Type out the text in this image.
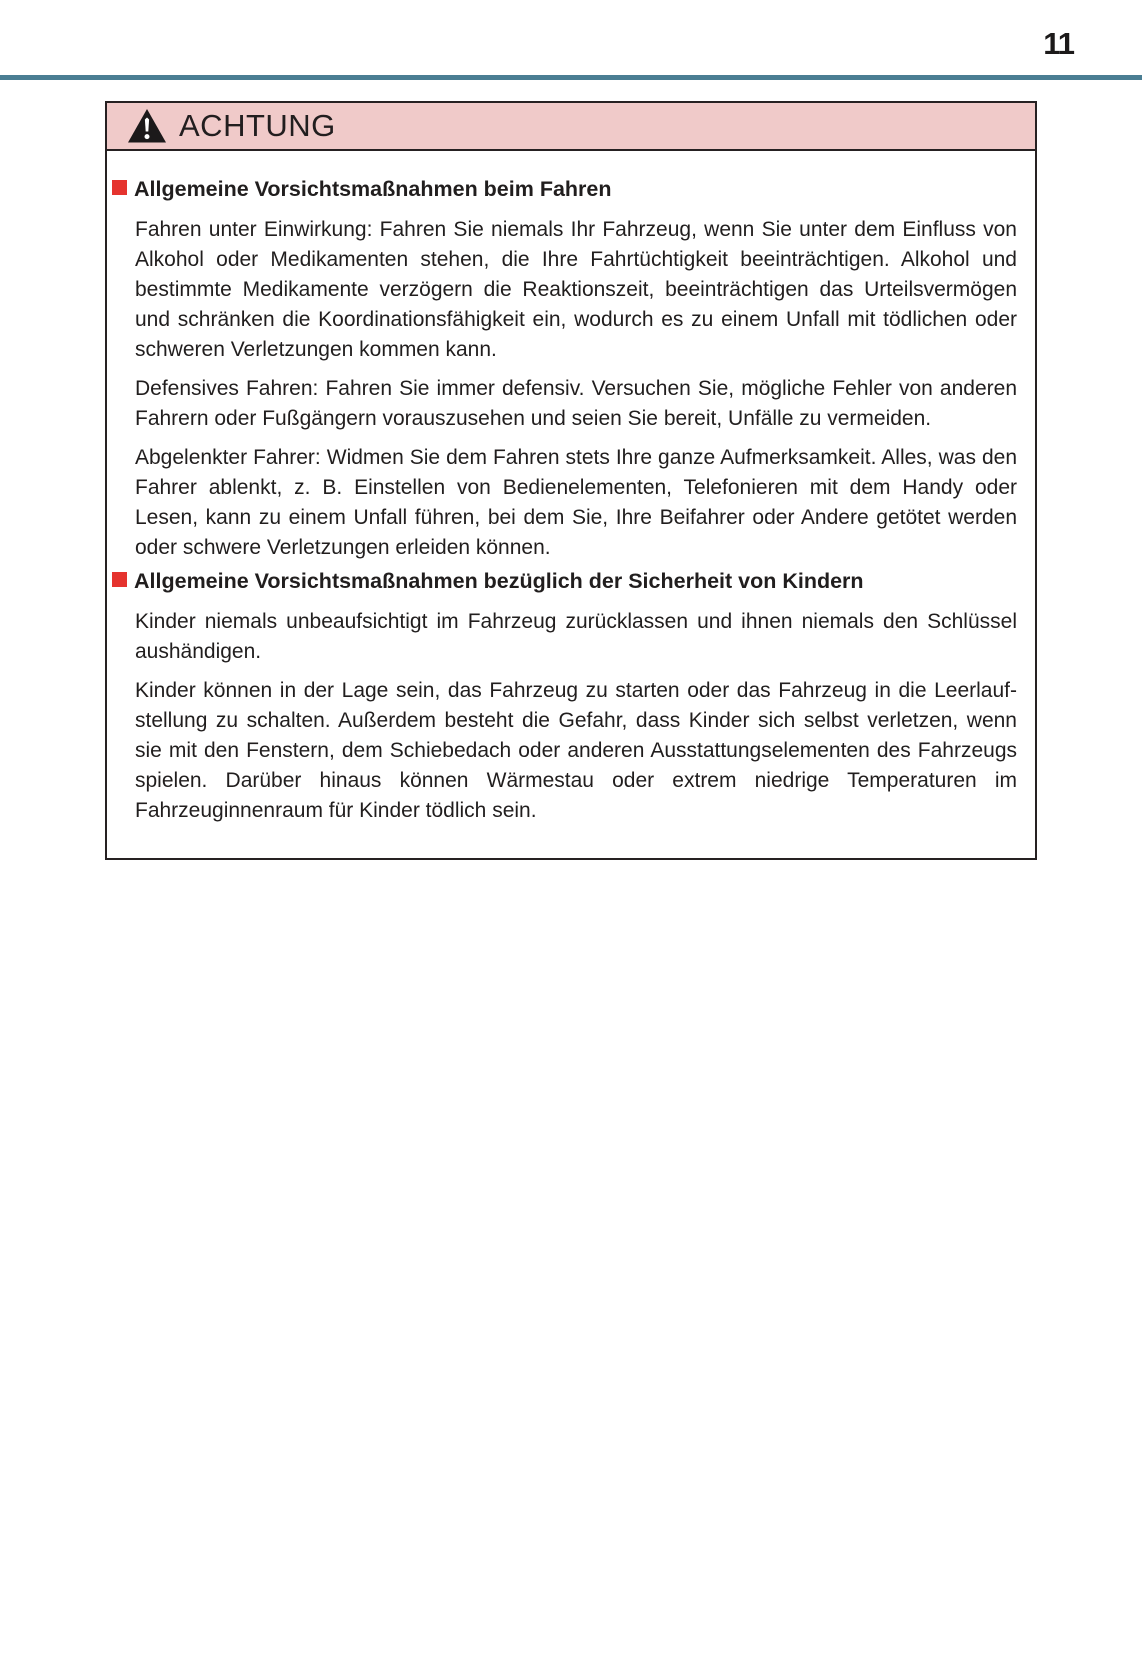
11
ACHTUNG
Allgemeine Vorsichtsmaßnahmen beim Fahren

Fahren unter Einwirkung: Fahren Sie niemals Ihr Fahrzeug, wenn Sie unter dem Einfluss von Alkohol oder Medikamenten stehen, die Ihre Fahrtüchtigkeit beeinträchtigen. Alkohol und bestimmte Medikamente verzögern die Reaktionszeit, beeinträchtigen das Urteilsvermögen und schränken die Koordinationsfähigkeit ein, wodurch es zu einem Unfall mit tödlichen oder schweren Verletzungen kommen kann.

Defensives Fahren: Fahren Sie immer defensiv. Versuchen Sie, mögliche Fehler von anderen Fahrern oder Fußgängern vorauszusehen und seien Sie bereit, Unfälle zu vermeiden.

Abgelenkter Fahrer: Widmen Sie dem Fahren stets Ihre ganze Aufmerksamkeit. Alles, was den Fahrer ablenkt, z. B. Einstellen von Bedienelementen, Telefonieren mit dem Handy oder Lesen, kann zu einem Unfall führen, bei dem Sie, Ihre Beifahrer oder Andere getötet werden oder schwere Verletzungen erleiden können.

Allgemeine Vorsichtsmaßnahmen bezüglich der Sicherheit von Kindern

Kinder niemals unbeaufsichtigt im Fahrzeug zurücklassen und ihnen niemals den Schlüssel aushändigen.

Kinder können in der Lage sein, das Fahrzeug zu starten oder das Fahrzeug in die Leerlaufstellung zu schalten. Außerdem besteht die Gefahr, dass Kinder sich selbst verletzen, wenn sie mit den Fenstern, dem Schiebedach oder anderen Ausstattungselementen des Fahrzeugs spielen. Darüber hinaus können Wärmestau oder extrem niedrige Temperaturen im Fahrzeuginnenraum für Kinder tödlich sein.
